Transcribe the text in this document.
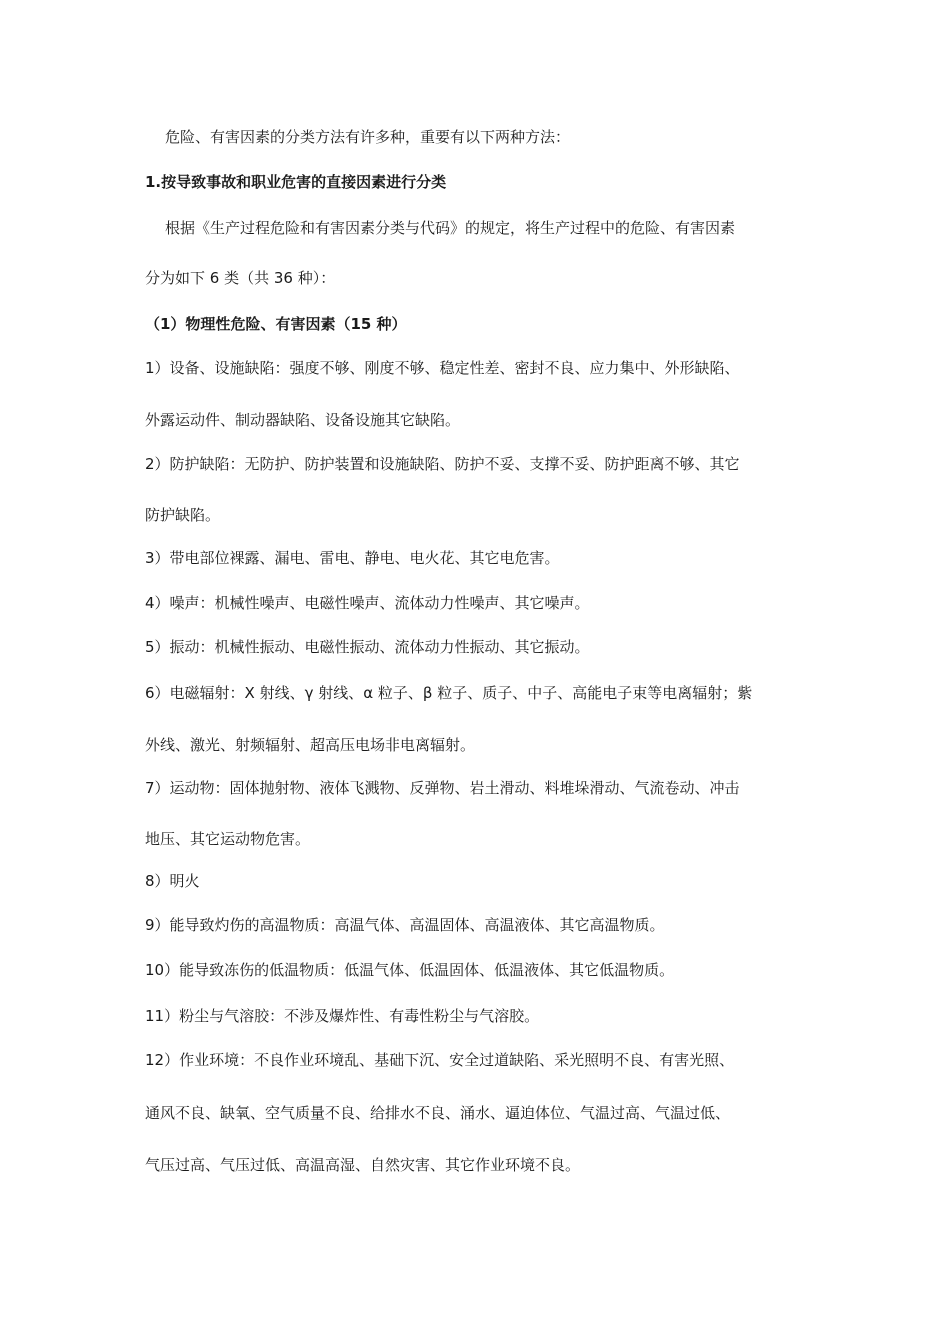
危险、有害因素的分类方法有许多种，重要有以下两种方法：
1.按导致事故和职业危害的直接因素进行分类
根据《生产过程危险和有害因素分类与代码》的规定，将生产过程中的危险、有害因素
分为如下 6 类（共 36 种）：
（1）物理性危险、有害因素（15 种）
1）设备、设施缺陷：强度不够、刚度不够、稳定性差、密封不良、应力集中、外形缺陷、
外露运动件、制动器缺陷、设备设施其它缺陷。
2）防护缺陷：无防护、防护装置和设施缺陷、防护不妥、支撑不妥、防护距离不够、其它
防护缺陷。
3）带电部位裸露、漏电、雷电、静电、电火花、其它电危害。
4）噪声：机械性噪声、电磁性噪声、流体动力性噪声、其它噪声。
5）振动：机械性振动、电磁性振动、流体动力性振动、其它振动。
6）电磁辐射：X 射线、γ 射线、α 粒子、β 粒子、质子、中子、高能电子束等电离辐射；紫
外线、激光、射频辐射、超高压电场非电离辐射。
7）运动物：固体抛射物、液体飞溅物、反弹物、岩土滑动、料堆垛滑动、气流卷动、冲击
地压、其它运动物危害。
8）明火
9）能导致灼伤的高温物质：高温气体、高温固体、高温液体、其它高温物质。
10）能导致冻伤的低温物质：低温气体、低温固体、低温液体、其它低温物质。
11）粉尘与气溶胶：不涉及爆炸性、有毒性粉尘与气溶胶。
12）作业环境：不良作业环境乱、基础下沉、安全过道缺陷、采光照明不良、有害光照、
通风不良、缺氧、空气质量不良、给排水不良、涌水、逼迫体位、气温过高、气温过低、
气压过高、气压过低、高温高湿、自然灾害、其它作业环境不良。
